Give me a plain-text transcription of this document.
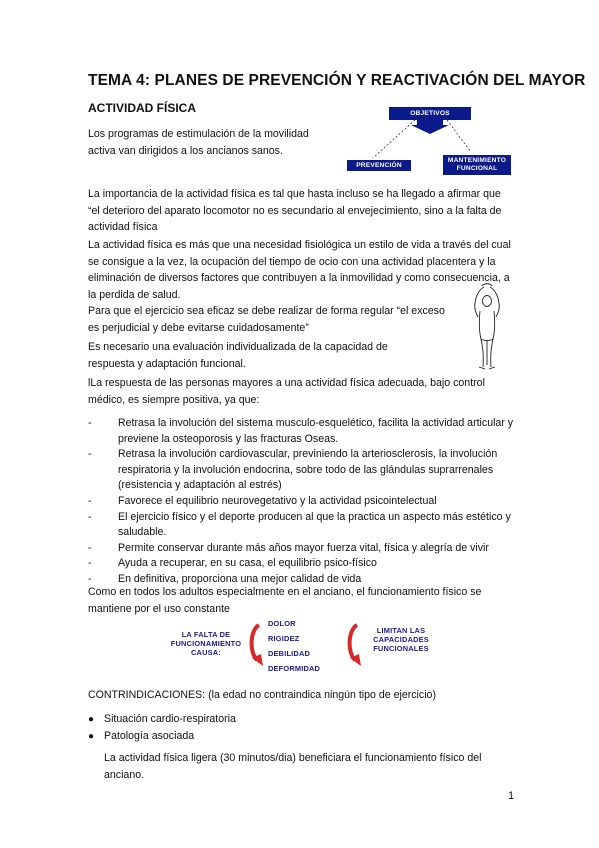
TEMA 4: PLANES DE PREVENCIÓN Y REACTIVACIÓN DEL MAYOR
ACTIVIDAD FÍSICA
Los programas de estimulación de la movilidad activa van dirigidos a los ancianos sanos.
OBJETIVOS
PREVENCIÓN
MANTENIMIENTO FUNCIONAL
La importancia de la actividad física es tal que hasta incluso se ha llegado a afirmar que “el deterioro del aparato locomotor no es secundario al envejecimiento, sino a la falta de actividad física
La actividad física es más que una necesidad fisiológica un estilo de vida a través del cual se consigue a la vez, la ocupación del tiempo de ocio con una actividad placentera y la eliminación de diversos factores que contribuyen a la inmovilidad y como consecuencia, a la perdida de salud.
Para que el ejercicio sea eficaz se debe realizar de forma regular “el exceso es perjudicial y debe evitarse cuidadosamente”
Es necesario una evaluación individualizada de la capacidad de respuesta y adaptación funcional.
lLa respuesta de las personas mayores a una actividad física adecuada, bajo control médico, es siempre positiva, ya que:
- Retrasa la involución del sistema musculo-esquelético, facilita la actividad articular y previene la osteoporosis y las fracturas Oseas.
- Retrasa la involución cardiovascular, previniendo la arteriosclerosis, la involución respiratoria y la involución endocrina, sobre todo de las glándulas suprarrenales (resistencia y adaptación al estrés)
- Favorece el equilibrio neurovegetativo y la actividad psicointelectual
- El ejercicio físico y el deporte producen al que la practica un aspecto más estético y saludable.
- Permite conservar durante más años mayor fuerza vital, física y alegría de vivir
- Ayuda a recuperar, en su casa, el equilibrio psico-físico
- En definitiva, proporciona una mejor calidad de vida
Como en todos los adultos especialmente en el anciano, el funcionamiento físico se mantiene por el uso constante
LA FALTA DE FUNCIONAMIENTO CAUSA:
DOLOR
RIGIDEZ
DEBILIDAD
DEFORMIDAD
LIMITAN LAS CAPACIDADES FUNCIONALES
CONTRINDICACIONES: (la edad no contraindica ningún tipo de ejercicio)
● Situación cardio-respiratoria
● Patología asociada
La actividad física ligera (30 minutos/dia) beneficiara el funcionamiento físico del anciano.
1
